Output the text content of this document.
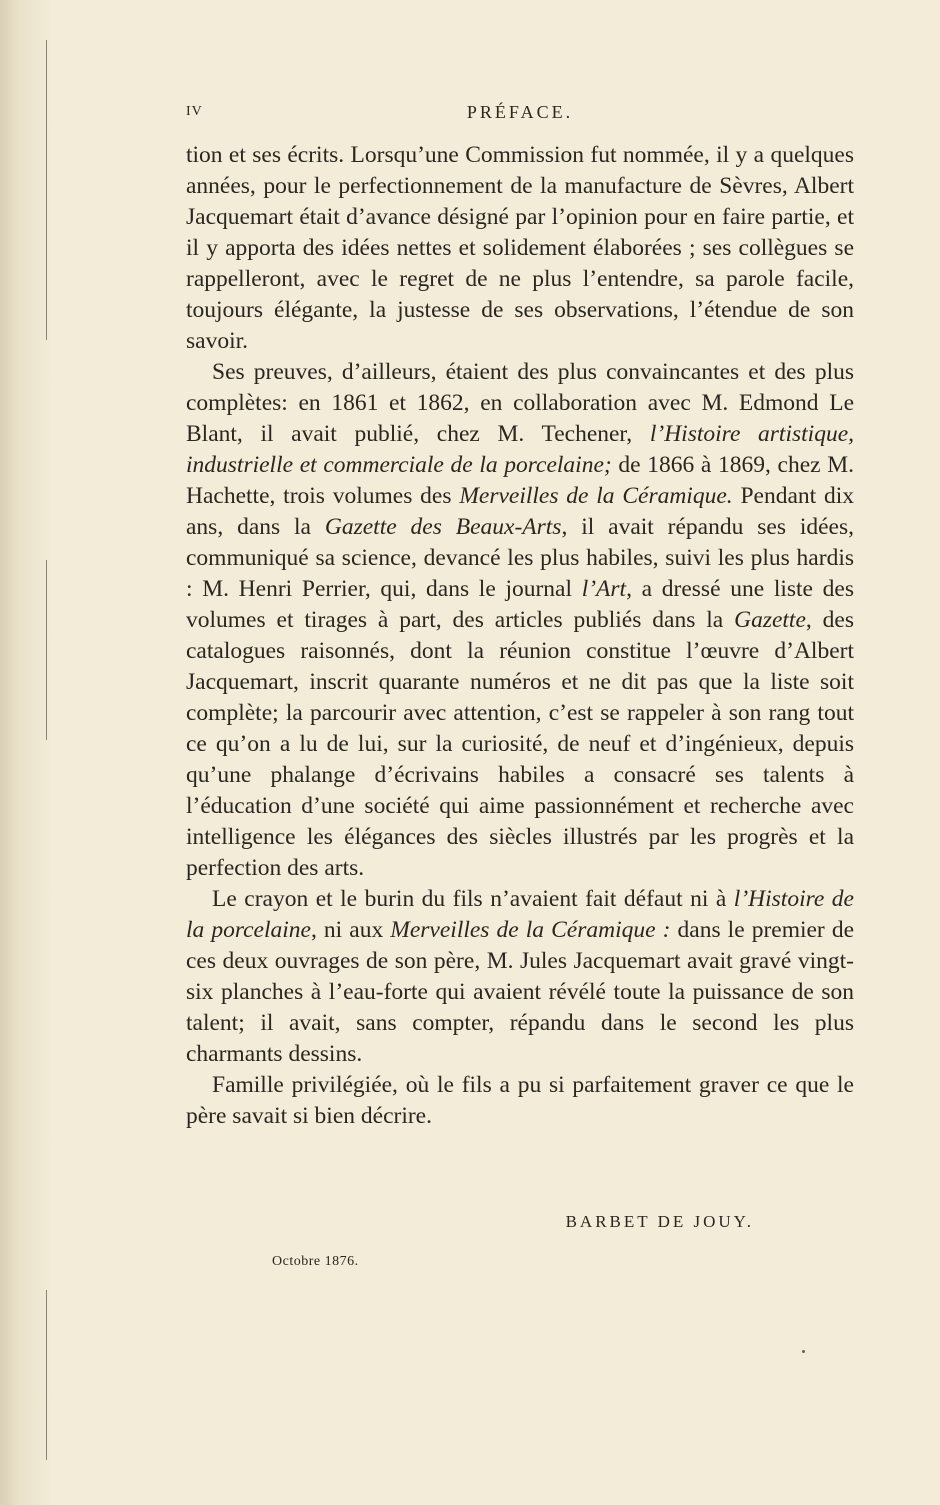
IV	PRÉFACE.

tion et ses écrits. Lorsqu’une Commission fut nommée, il y a quelques années, pour le perfectionnement de la manufacture de Sèvres, Albert Jacquemart était d’avance désigné par l’opinion pour en faire partie, et il y apporta des idées nettes et solidement élaborées ; ses collègues se rappelleront, avec le regret de ne plus l’entendre, sa parole facile, toujours élégante, la justesse de ses observations, l’étendue de son savoir.

Ses preuves, d’ailleurs, étaient des plus convaincantes et des plus complètes: en 1861 et 1862, en collaboration avec M. Edmond Le Blant, il avait publié, chez M. Techener, l’Histoire artistique, industrielle et commerciale de la porcelaine; de 1866 à 1869, chez M. Hachette, trois volumes des Merveilles de la Céramique. Pendant dix ans, dans la Gazette des Beaux-Arts, il avait répandu ses idées, communiqué sa science, devancé les plus habiles, suivi les plus hardis : M. Henri Perrier, qui, dans le journal l’Art, a dressé une liste des volumes et tirages à part, des articles publiés dans la Gazette, des catalogues raisonnés, dont la réunion constitue l’œuvre d’Albert Jacquemart, inscrit quarante numéros et ne dit pas que la liste soit complète; la parcourir avec attention, c’est se rappeler à son rang tout ce qu’on a lu de lui, sur la curiosité, de neuf et d’ingénieux, depuis qu’une phalange d’écrivains habiles a consacré ses talents à l’éducation d’une société qui aime passionnément et recherche avec intelligence les élégances des siècles illustrés par les progrès et la perfection des arts.

Le crayon et le burin du fils n’avaient fait défaut ni à l’Histoire de la porcelaine, ni aux Merveilles de la Céramique : dans le premier de ces deux ouvrages de son père, M. Jules Jacquemart avait gravé vingt-six planches à l’eau-forte qui avaient révélé toute la puissance de son talent; il avait, sans compter, répandu dans le second les plus charmants dessins.

Famille privilégiée, où le fils a pu si parfaitement graver ce que le père savait si bien décrire.

BARBET DE JOUY.
Octobre 1876.
